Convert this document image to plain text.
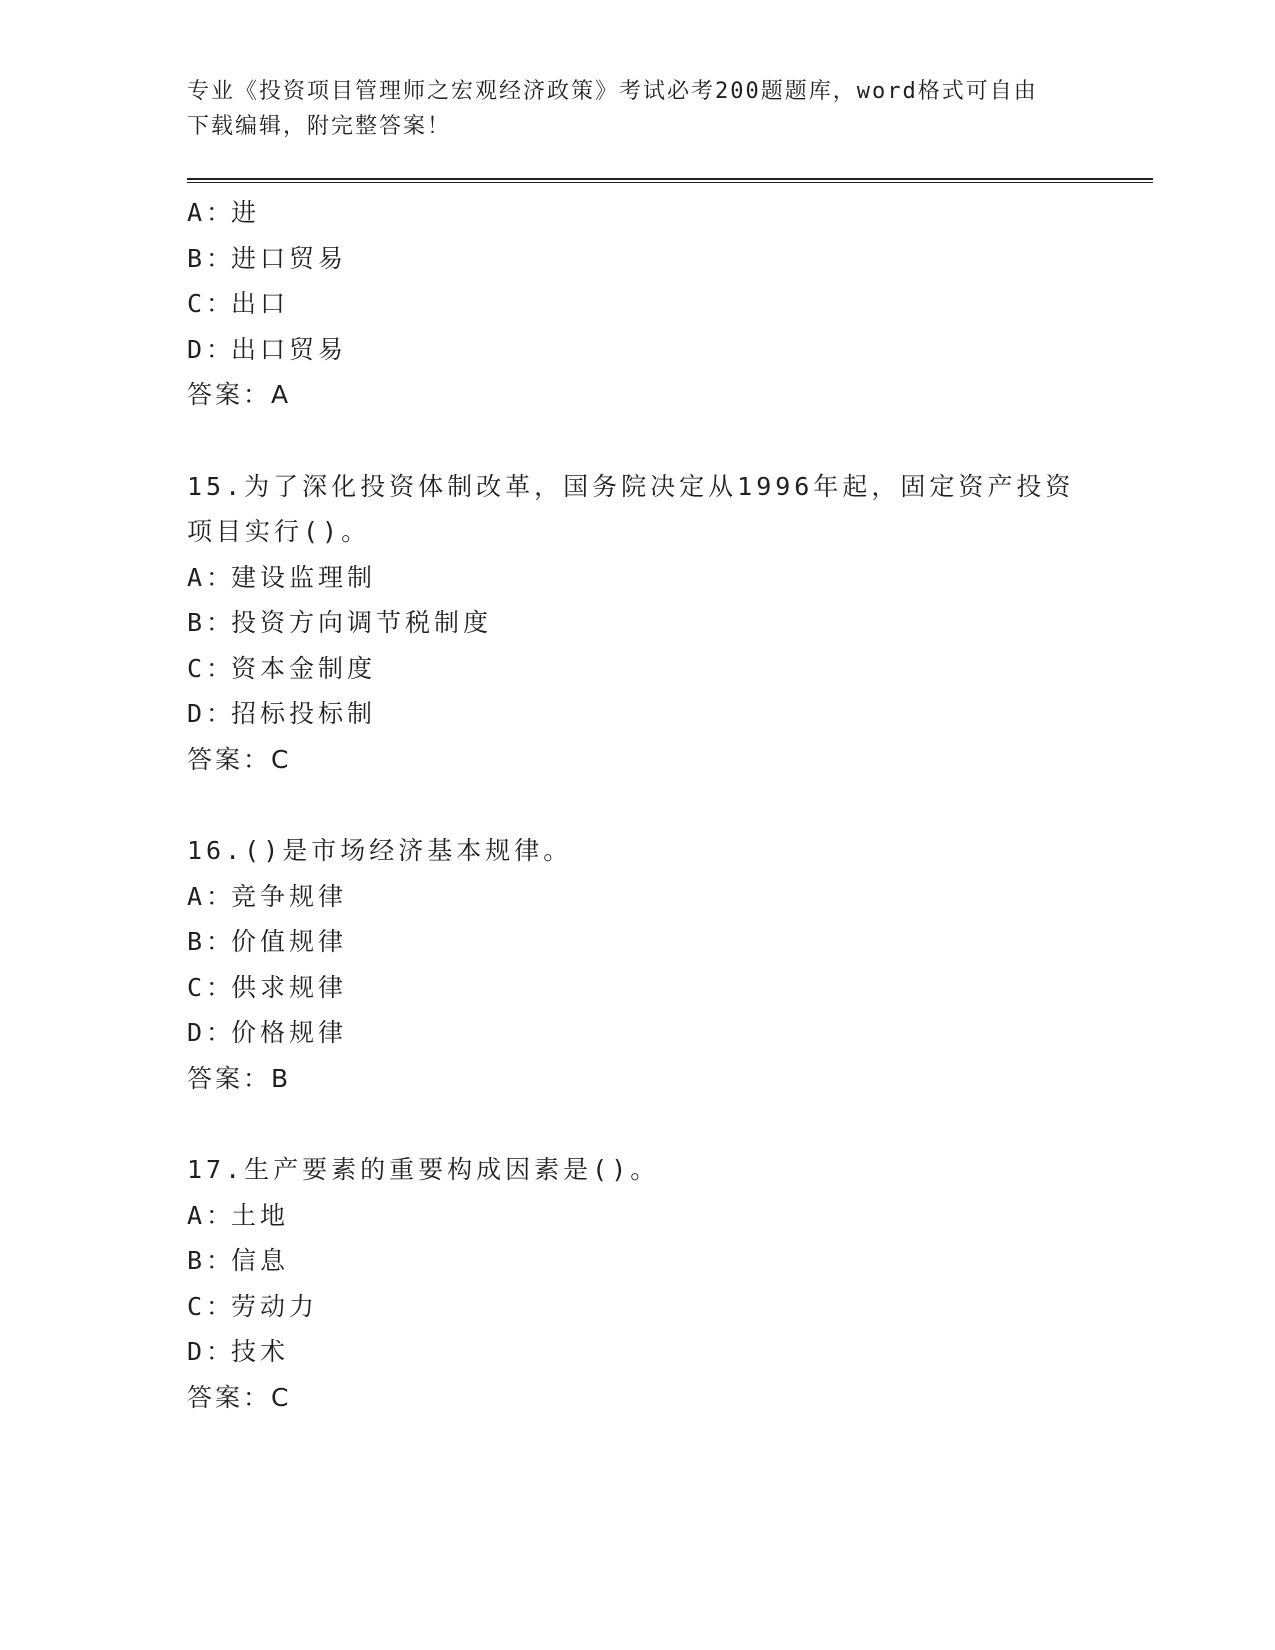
专业《投资项目管理师之宏观经济政策》考试必考200题题库，word格式可自由
下载编辑，附完整答案！
A：进
B：进口贸易
C：出口
D：出口贸易
答案：A
15.为了深化投资体制改革，国务院决定从1996年起，固定资产投资
项目实行()。
A：建设监理制
B：投资方向调节税制度
C：资本金制度
D：招标投标制
答案：C
16.()是市场经济基本规律。
A：竞争规律
B：价值规律
C：供求规律
D：价格规律
答案：B
17.生产要素的重要构成因素是()。
A：土地
B：信息
C：劳动力
D：技术
答案：C
